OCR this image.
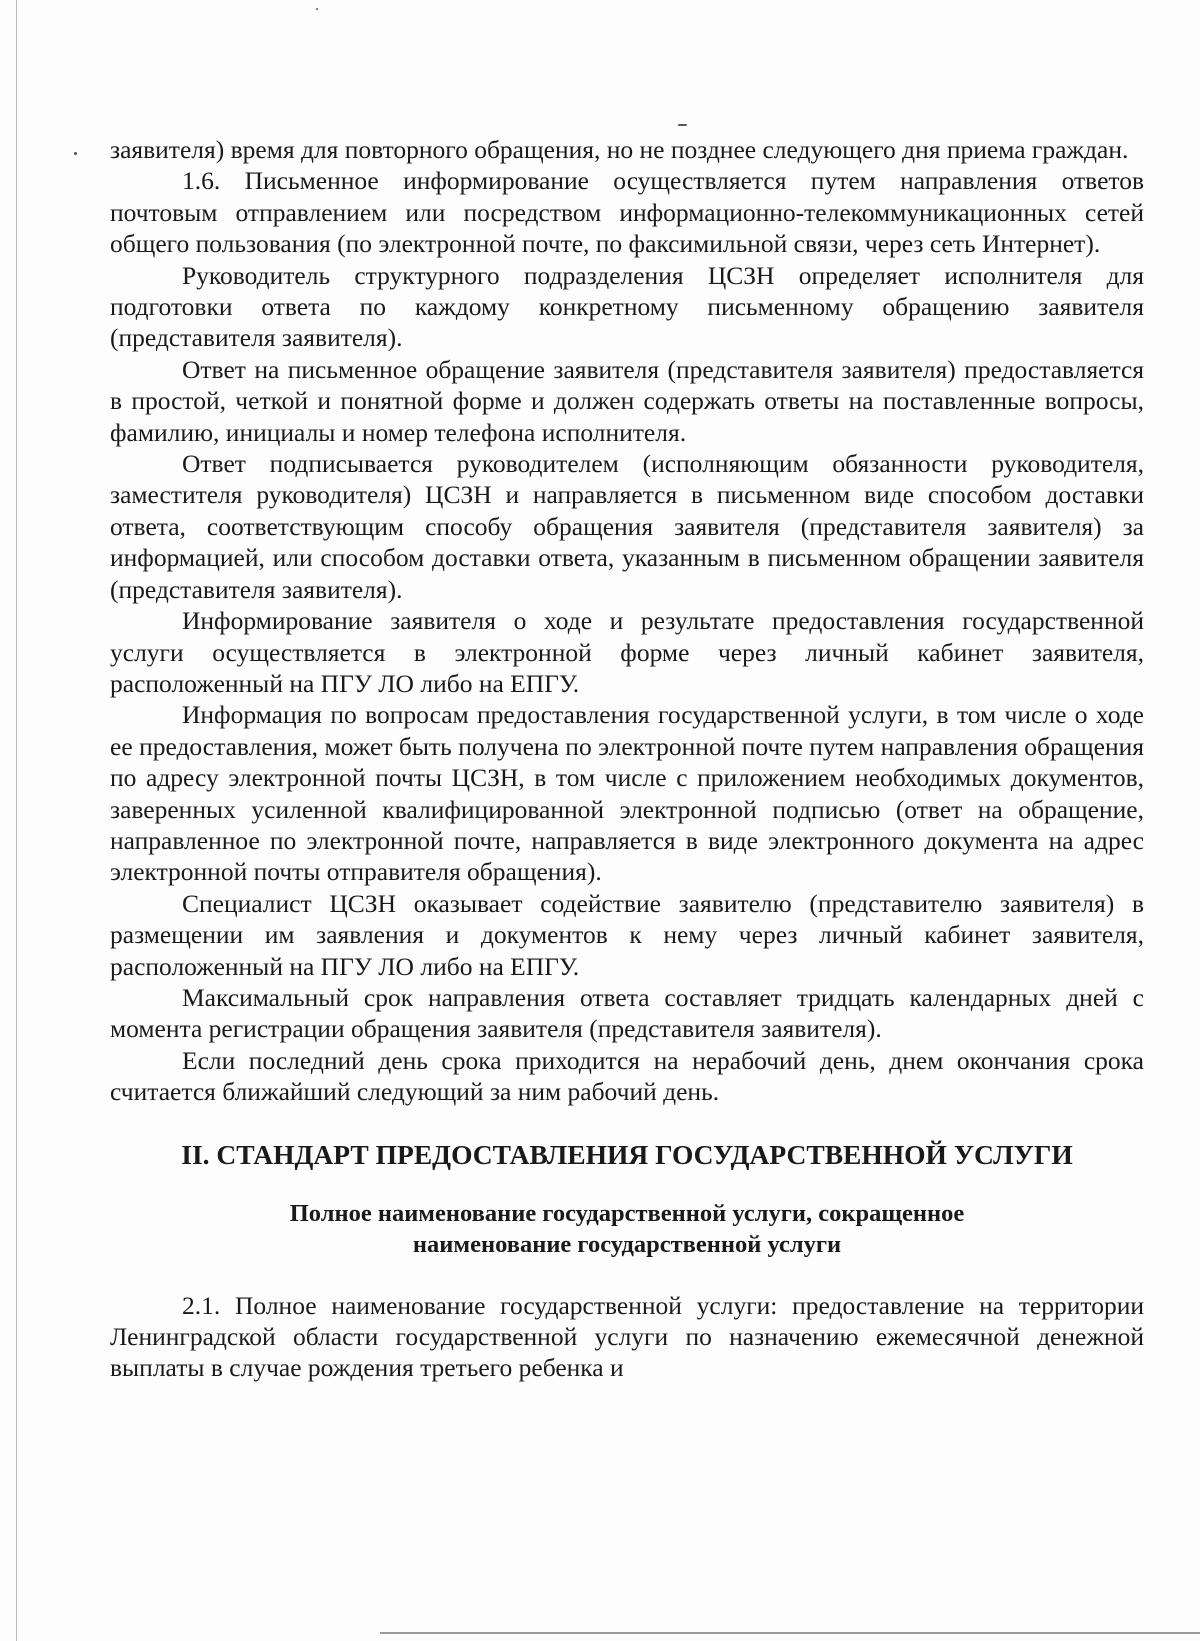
заявителя) время для повторного обращения, но не позднее следующего дня приема граждан.

1.6. Письменное информирование осуществляется путем направления ответов почтовым отправлением или посредством информационно-телекоммуникационных сетей общего пользования (по электронной почте, по факсимильной связи, через сеть Интернет).

Руководитель структурного подразделения ЦСЗН определяет исполнителя для подготовки ответа по каждому конкретному письменному обращению заявителя (представителя заявителя).

Ответ на письменное обращение заявителя (представителя заявителя) предоставляется в простой, четкой и понятной форме и должен содержать ответы на поставленные вопросы, фамилию, инициалы и номер телефона исполнителя.

Ответ подписывается руководителем (исполняющим обязанности руководителя, заместителя руководителя) ЦСЗН и направляется в письменном виде способом доставки ответа, соответствующим способу обращения заявителя (представителя заявителя) за информацией, или способом доставки ответа, указанным в письменном обращении заявителя (представителя заявителя).

Информирование заявителя о ходе и результате предоставления государственной услуги осуществляется в электронной форме через личный кабинет заявителя, расположенный на ПГУ ЛО либо на ЕПГУ.

Информация по вопросам предоставления государственной услуги, в том числе о ходе ее предоставления, может быть получена по электронной почте путем направления обращения по адресу электронной почты ЦСЗН, в том числе с приложением необходимых документов, заверенных усиленной квалифицированной электронной подписью (ответ на обращение, направленное по электронной почте, направляется в виде электронного документа на адрес электронной почты отправителя обращения).

Специалист ЦСЗН оказывает содействие заявителю (представителю заявителя) в размещении им заявления и документов к нему через личный кабинет заявителя, расположенный на ПГУ ЛО либо на ЕПГУ.

Максимальный срок направления ответа составляет тридцать календарных дней с момента регистрации обращения заявителя (представителя заявителя).

Если последний день срока приходится на нерабочий день, днем окончания срока считается ближайший следующий за ним рабочий день.

II. СТАНДАРТ ПРЕДОСТАВЛЕНИЯ ГОСУДАРСТВЕННОЙ УСЛУГИ
Полное наименование государственной услуги, сокращенное
наименование государственной услуги

2.1. Полное наименование государственной услуги: предоставление на территории Ленинградской области государственной услуги по назначению ежемесячной денежной выплаты в случае рождения третьего ребенка и
